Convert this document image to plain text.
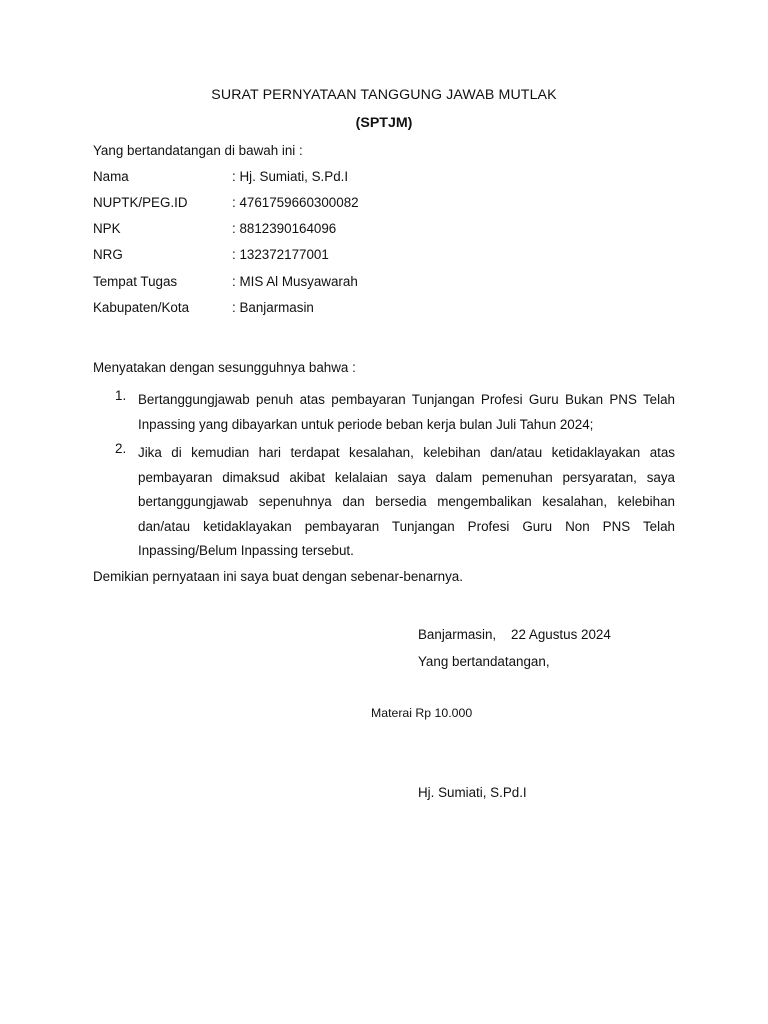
SURAT PERNYATAAN TANGGUNG JAWAB MUTLAK
(SPTJM)
Yang bertandatangan di bawah ini :
Nama	: Hj. Sumiati, S.Pd.I
NUPTK/PEG.ID	: 4761759660300082
NPK	: 8812390164096
NRG	: 132372177001
Tempat Tugas	: MIS Al Musyawarah
Kabupaten/Kota	: Banjarmasin
Menyatakan dengan sesungguhnya bahwa :
1. Bertanggungjawab penuh atas pembayaran Tunjangan Profesi Guru Bukan PNS Telah Inpassing yang dibayarkan untuk periode beban kerja bulan Juli Tahun 2024;
2. Jika di kemudian hari terdapat kesalahan, kelebihan dan/atau ketidaklayakan atas pembayaran dimaksud akibat kelalaian saya dalam pemenuhan persyaratan, saya bertanggungjawab sepenuhnya dan bersedia mengembalikan kesalahan, kelebihan dan/atau ketidaklayakan pembayaran Tunjangan Profesi Guru Non PNS Telah Inpassing/Belum Inpassing tersebut.
Demikian pernyataan ini saya buat dengan sebenar-benarnya.
Banjarmasin,    22 Agustus 2024
Yang bertandatangan,
Materai Rp 10.000
Hj. Sumiati, S.Pd.I
